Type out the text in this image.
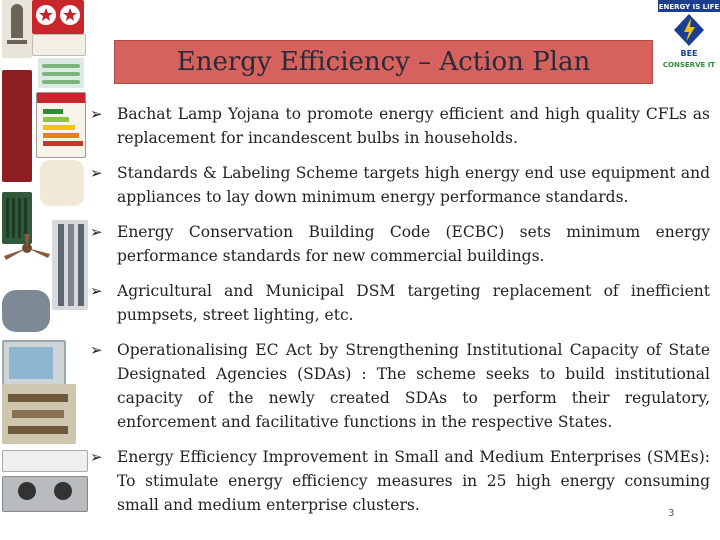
Energy Efficiency – Action Plan
ENERGY IS LIFE
BEE
CONSERVE IT
➢ Bachat Lamp Yojana to promote energy efficient and high quality CFLs as replacement for incandescent bulbs in households.
➢ Standards & Labeling Scheme targets high energy end use equipment and appliances to lay down minimum energy performance standards.
➢ Energy Conservation Building Code (ECBC) sets minimum energy performance standards for new commercial buildings.
➢ Agricultural and Municipal DSM targeting replacement of inefficient pumpsets, street lighting, etc.
➢ Operationalising EC Act by Strengthening Institutional Capacity of State Designated Agencies (SDAs) : The scheme seeks to build institutional capacity of the newly created SDAs to perform their regulatory, enforcement and facilitative functions in the respective States.
➢ Energy Efficiency Improvement in Small and Medium Enterprises (SMEs): To stimulate energy efficiency measures in 25 high energy consuming small and medium enterprise clusters.	3
